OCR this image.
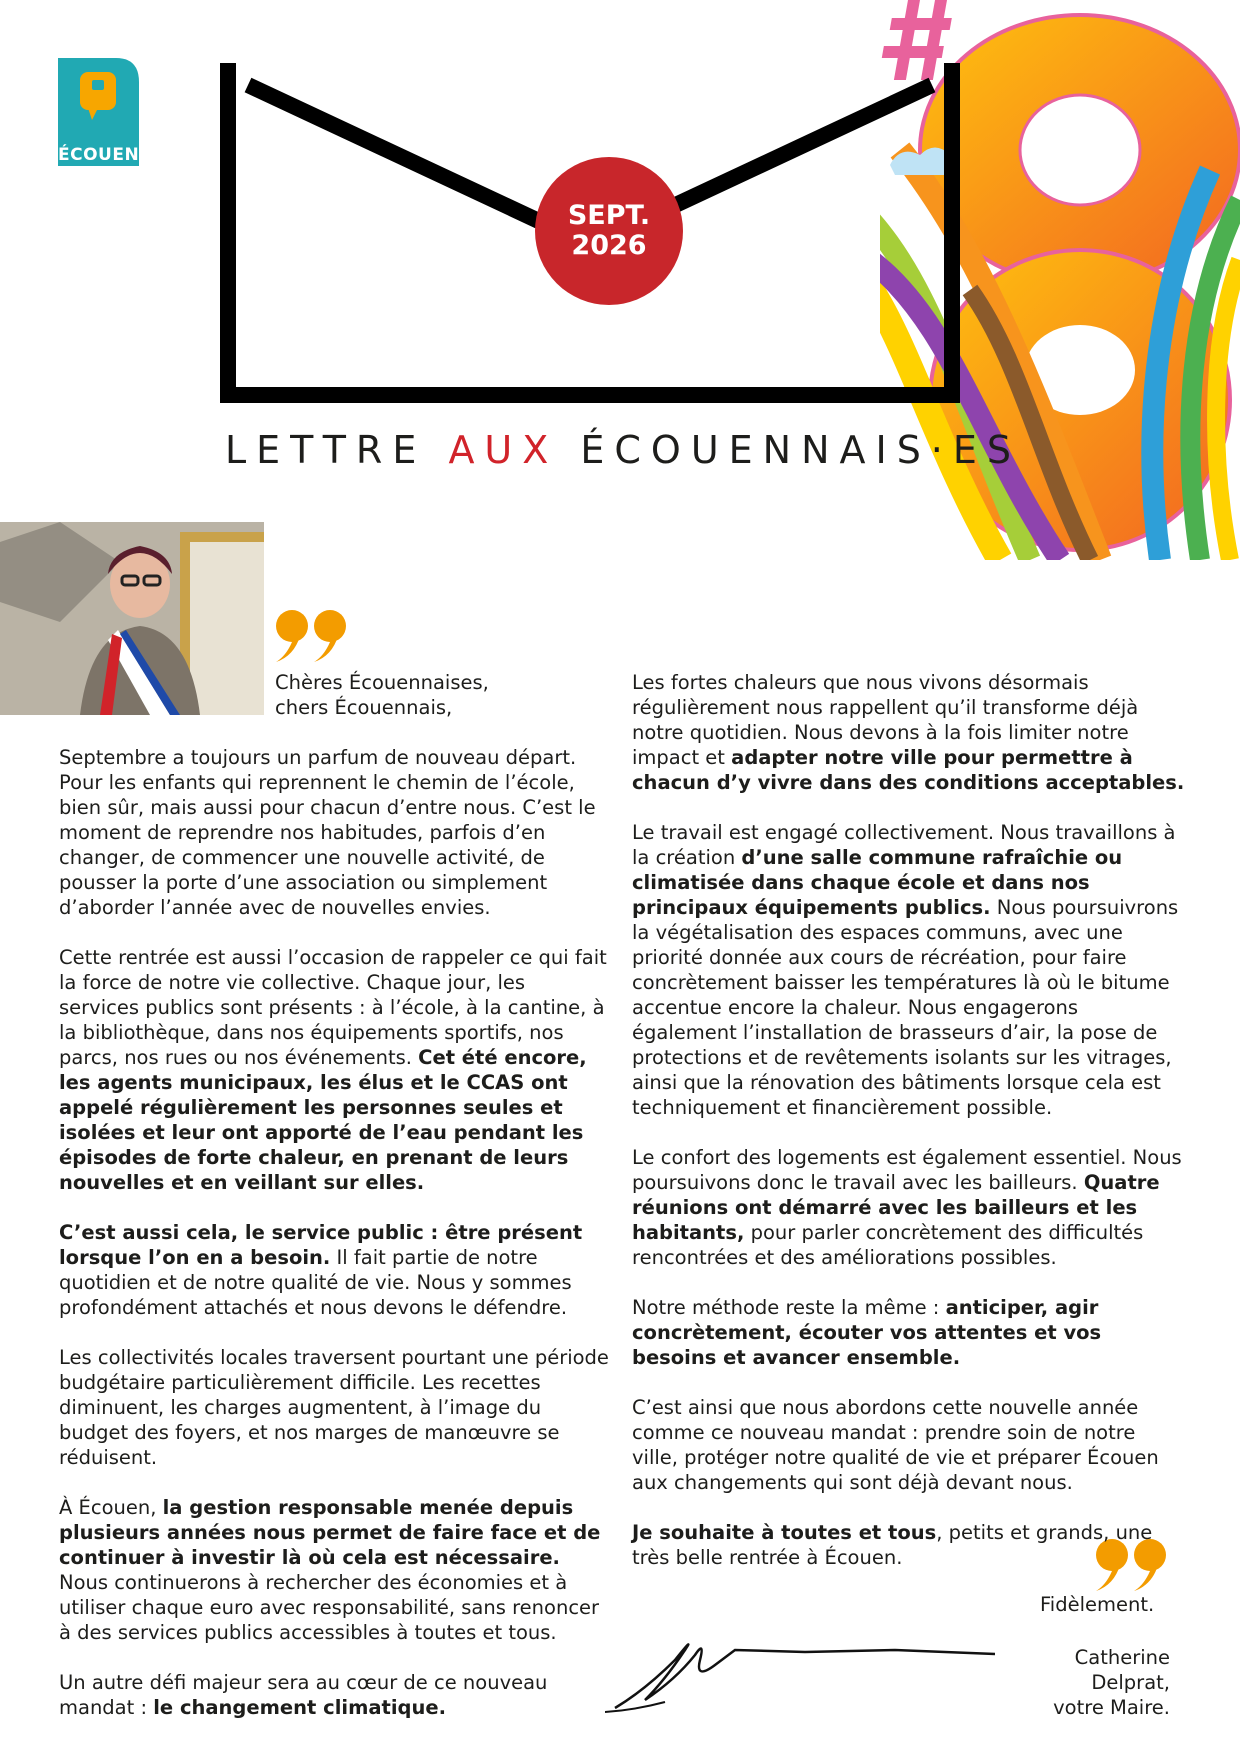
ÉCOUEN
SEPT.
2026
LETTRE AUX ÉCOUENNAIS·ES
Chères Écouennaises,
chers Écouennais,

Septembre a toujours un parfum de nouveau départ. Pour les enfants qui reprennent le chemin de l’école, bien sûr, mais aussi pour chacun d’entre nous. C’est le moment de reprendre nos habitudes, parfois d’en changer, de commencer une nouvelle activité, de pousser la porte d’une association ou simplement d’aborder l’année avec de nouvelles envies.

Cette rentrée est aussi l’occasion de rappeler ce qui fait la force de notre vie collective. Chaque jour, les services publics sont présents : à l’école, à la cantine, à la bibliothèque, dans nos équipements sportifs, nos parcs, nos rues ou nos événements. Cet été encore, les agents municipaux, les élus et le CCAS ont appelé régulièrement les personnes seules et isolées et leur ont apporté de l’eau pendant les épisodes de forte chaleur, en prenant de leurs nouvelles et en veillant sur elles.

C’est aussi cela, le service public : être présent lorsque l’on en a besoin. Il fait partie de notre quotidien et de notre qualité de vie. Nous y sommes profondément attachés et nous devons le défendre.

Les collectivités locales traversent pourtant une période budgétaire particulièrement difficile. Les recettes diminuent, les charges augmentent, à l’image du budget des foyers, et nos marges de manœuvre se réduisent.

À Écouen, la gestion responsable menée depuis plusieurs années nous permet de faire face et de continuer à investir là où cela est nécessaire. Nous continuerons à rechercher des économies et à utiliser chaque euro avec responsabilité, sans renoncer à des services publics accessibles à toutes et tous.

Un autre défi majeur sera au cœur de ce nouveau mandat : le changement climatique.

Les fortes chaleurs que nous vivons désormais régulièrement nous rappellent qu’il transforme déjà notre quotidien. Nous devons à la fois limiter notre impact et adapter notre ville pour permettre à chacun d’y vivre dans des conditions acceptables.

Le travail est engagé collectivement. Nous travaillons à la création d’une salle commune rafraîchie ou climatisée dans chaque école et dans nos principaux équipements publics. Nous poursuivrons la végétalisation des espaces communs, avec une priorité donnée aux cours de récréation, pour faire concrètement baisser les températures là où le bitume accentue encore la chaleur. Nous engagerons également l’installation de brasseurs d’air, la pose de protections et de revêtements isolants sur les vitrages, ainsi que la rénovation des bâtiments lorsque cela est techniquement et financièrement possible.

Le confort des logements est également essentiel. Nous poursuivons donc le travail avec les bailleurs. Quatre réunions ont démarré avec les bailleurs et les habitants, pour parler concrètement des difficultés rencontrées et des améliorations possibles.

Notre méthode reste la même : anticiper, agir concrètement, écouter vos attentes et vos besoins et avancer ensemble.

C’est ainsi que nous abordons cette nouvelle année comme ce nouveau mandat : prendre soin de notre ville, protéger notre qualité de vie et préparer Écouen aux changements qui sont déjà devant nous.

Je souhaite à toutes et tous, petits et grands, une très belle rentrée à Écouen.

Fidèlement.
Catherine Delprat,
votre Maire.
